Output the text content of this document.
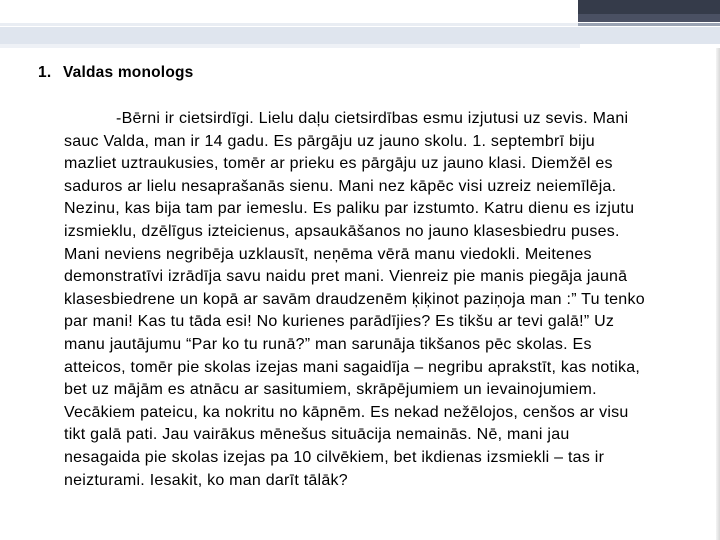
1. Valdas monologs
-Bērni ir cietsirdīgi. Lielu daļu cietsirdības esmu izjutusi uz sevis. Mani
sauc Valda, man ir 14 gadu. Es pārgāju uz jauno skolu. 1. septembrī biju
mazliet uztraukusies, tomēr ar prieku es pārgāju uz jauno klasi. Diemžēl es
saduros ar lielu nesaprašanās sienu. Mani nez kāpēc visi uzreiz neiemīlēja.
Nezinu, kas bija tam par iemeslu. Es paliku par izstumto. Katru dienu es izjutu
izsmieklu, dzēlīgus izteicienus, apsaukāšanos no jauno klasesbiedru puses.
Mani neviens negribēja uzklausīt, neņēma vērā manu viedokli. Meitenes
demonstratīvi izrādīja savu naidu pret mani. Vienreiz pie manis piegāja jaunā
klasesbiedrene un kopā ar savām draudzenēm ķiķinot paziņoja man :” Tu tenko
par mani! Kas tu tāda esi! No kurienes parādījies? Es tikšu ar tevi galā!” Uz
manu jautājumu “Par ko tu runā?” man sarunāja tikšanos pēc skolas. Es
atteicos, tomēr pie skolas izejas mani sagaidīja – negribu aprakstīt, kas notika,
bet uz mājām es atnācu ar sasitumiem, skrāpējumiem un ievainojumiem.
Vecākiem pateicu, ka nokritu no kāpnēm. Es nekad nežēlojos, cenšos ar visu
tikt galā pati. Jau vairākus mēnešus situācija nemainās. Nē, mani jau
nesagaida pie skolas izejas pa 10 cilvēkiem, bet ikdienas izsmiekli – tas ir
neizturami. Iesakit, ko man darīt tālāk?
